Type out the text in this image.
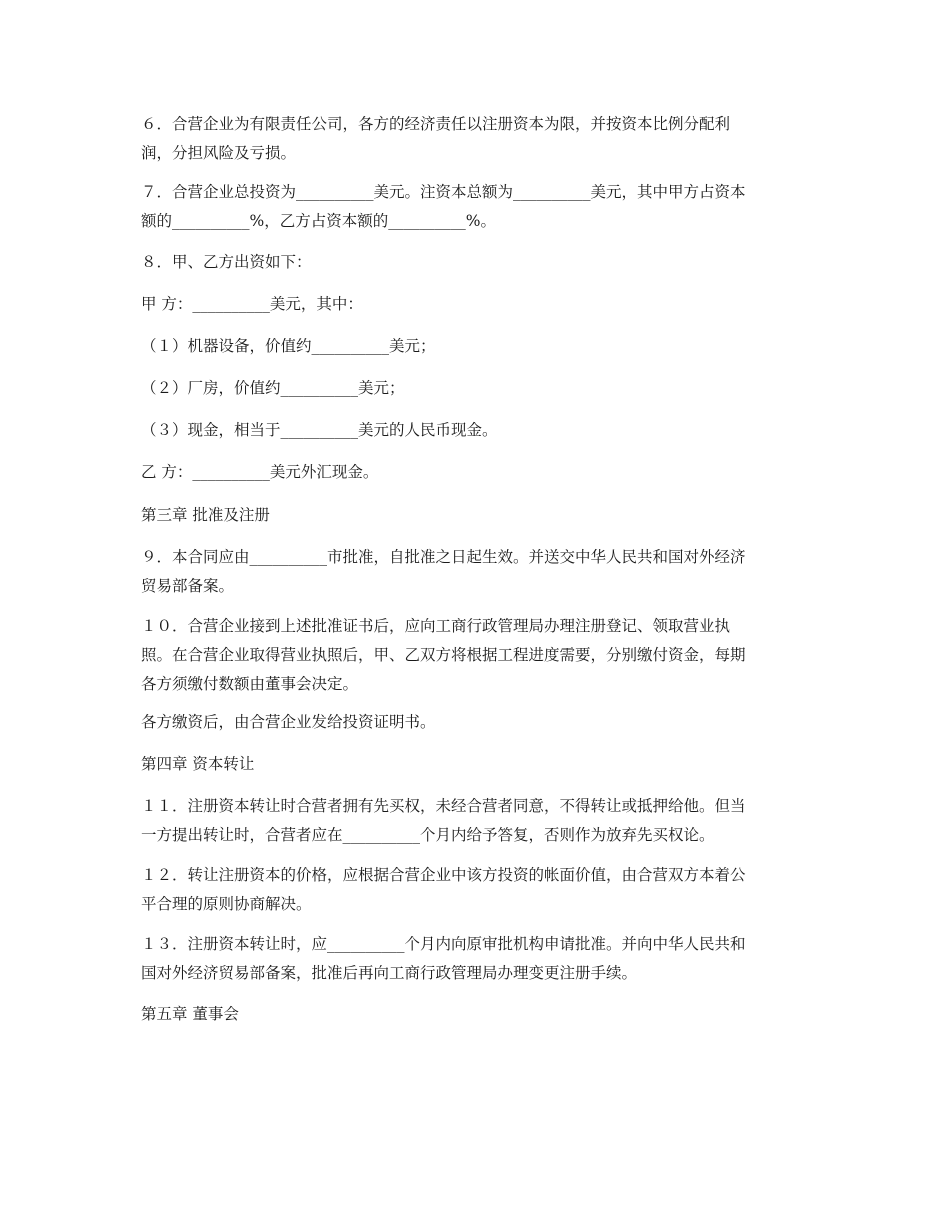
６．合营企业为有限责任公司，各方的经济责任以注册资本为限，并按资本比例分配利
润，分担风险及亏损。
７．合营企业总投资为__________美元。注资本总额为__________美元，其中甲方占资本
额的__________%，乙方占资本额的__________%。
８．甲、乙方出资如下：
甲 方：__________美元，其中：
（１）机器设备，价值约__________美元；
（２）厂房，价值约__________美元；
（３）现金，相当于__________美元的人民币现金。
乙 方：__________美元外汇现金。
第三章 批准及注册
９．本合同应由__________市批准，自批准之日起生效。并送交中华人民共和国对外经济
贸易部备案。
１０．合营企业接到上述批准证书后，应向工商行政管理局办理注册登记、领取营业执
照。在合营企业取得营业执照后，甲、乙双方将根据工程进度需要，分别缴付资金，每期
各方须缴付数额由董事会决定。
各方缴资后，由合营企业发给投资证明书。
第四章 资本转让
１１．注册资本转让时合营者拥有先买权，未经合营者同意，不得转让或抵押给他。但当
一方提出转让时，合营者应在__________个月内给予答复，否则作为放弃先买权论。
１２．转让注册资本的价格，应根据合营企业中该方投资的帐面价值，由合营双方本着公
平合理的原则协商解决。
１３．注册资本转让时，应__________个月内向原审批机构申请批准。并向中华人民共和
国对外经济贸易部备案，批准后再向工商行政管理局办理变更注册手续。
第五章 董事会
